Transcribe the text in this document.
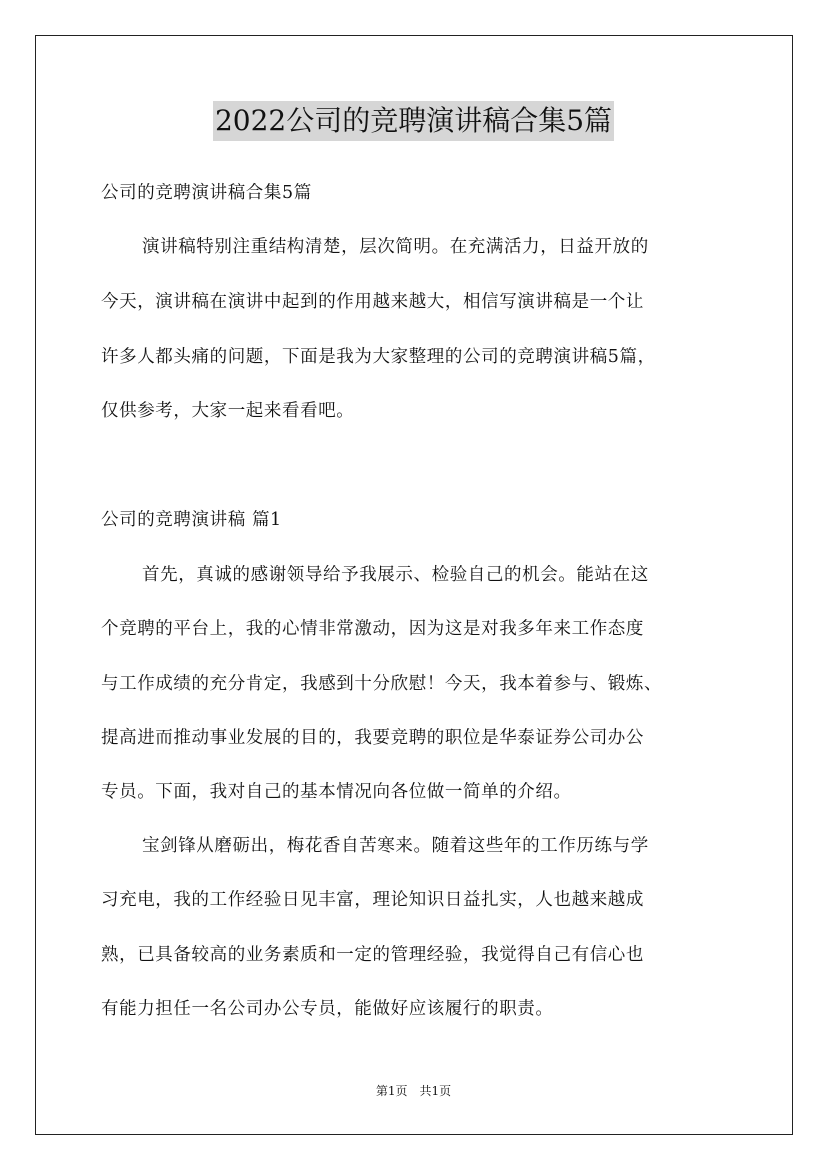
2022公司的竞聘演讲稿合集5篇
公司的竞聘演讲稿合集5篇
演讲稿特别注重结构清楚，层次简明。在充满活力，日益开放的
今天，演讲稿在演讲中起到的作用越来越大，相信写演讲稿是一个让
许多人都头痛的问题，下面是我为大家整理的公司的竞聘演讲稿5篇，
仅供参考，大家一起来看看吧。
公司的竞聘演讲稿 篇1
首先，真诚的感谢领导给予我展示、检验自己的机会。能站在这
个竞聘的平台上，我的心情非常激动，因为这是对我多年来工作态度
与工作成绩的充分肯定，我感到十分欣慰！今天，我本着参与、锻炼、
提高进而推动事业发展的目的，我要竞聘的职位是华泰证券公司办公
专员。下面，我对自己的基本情况向各位做一简单的介绍。
宝剑锋从磨砺出，梅花香自苦寒来。随着这些年的工作历练与学
习充电，我的工作经验日见丰富，理论知识日益扎实，人也越来越成
熟，已具备较高的业务素质和一定的管理经验，我觉得自己有信心也
有能力担任一名公司办公专员，能做好应该履行的职责。
第1页　共1页
